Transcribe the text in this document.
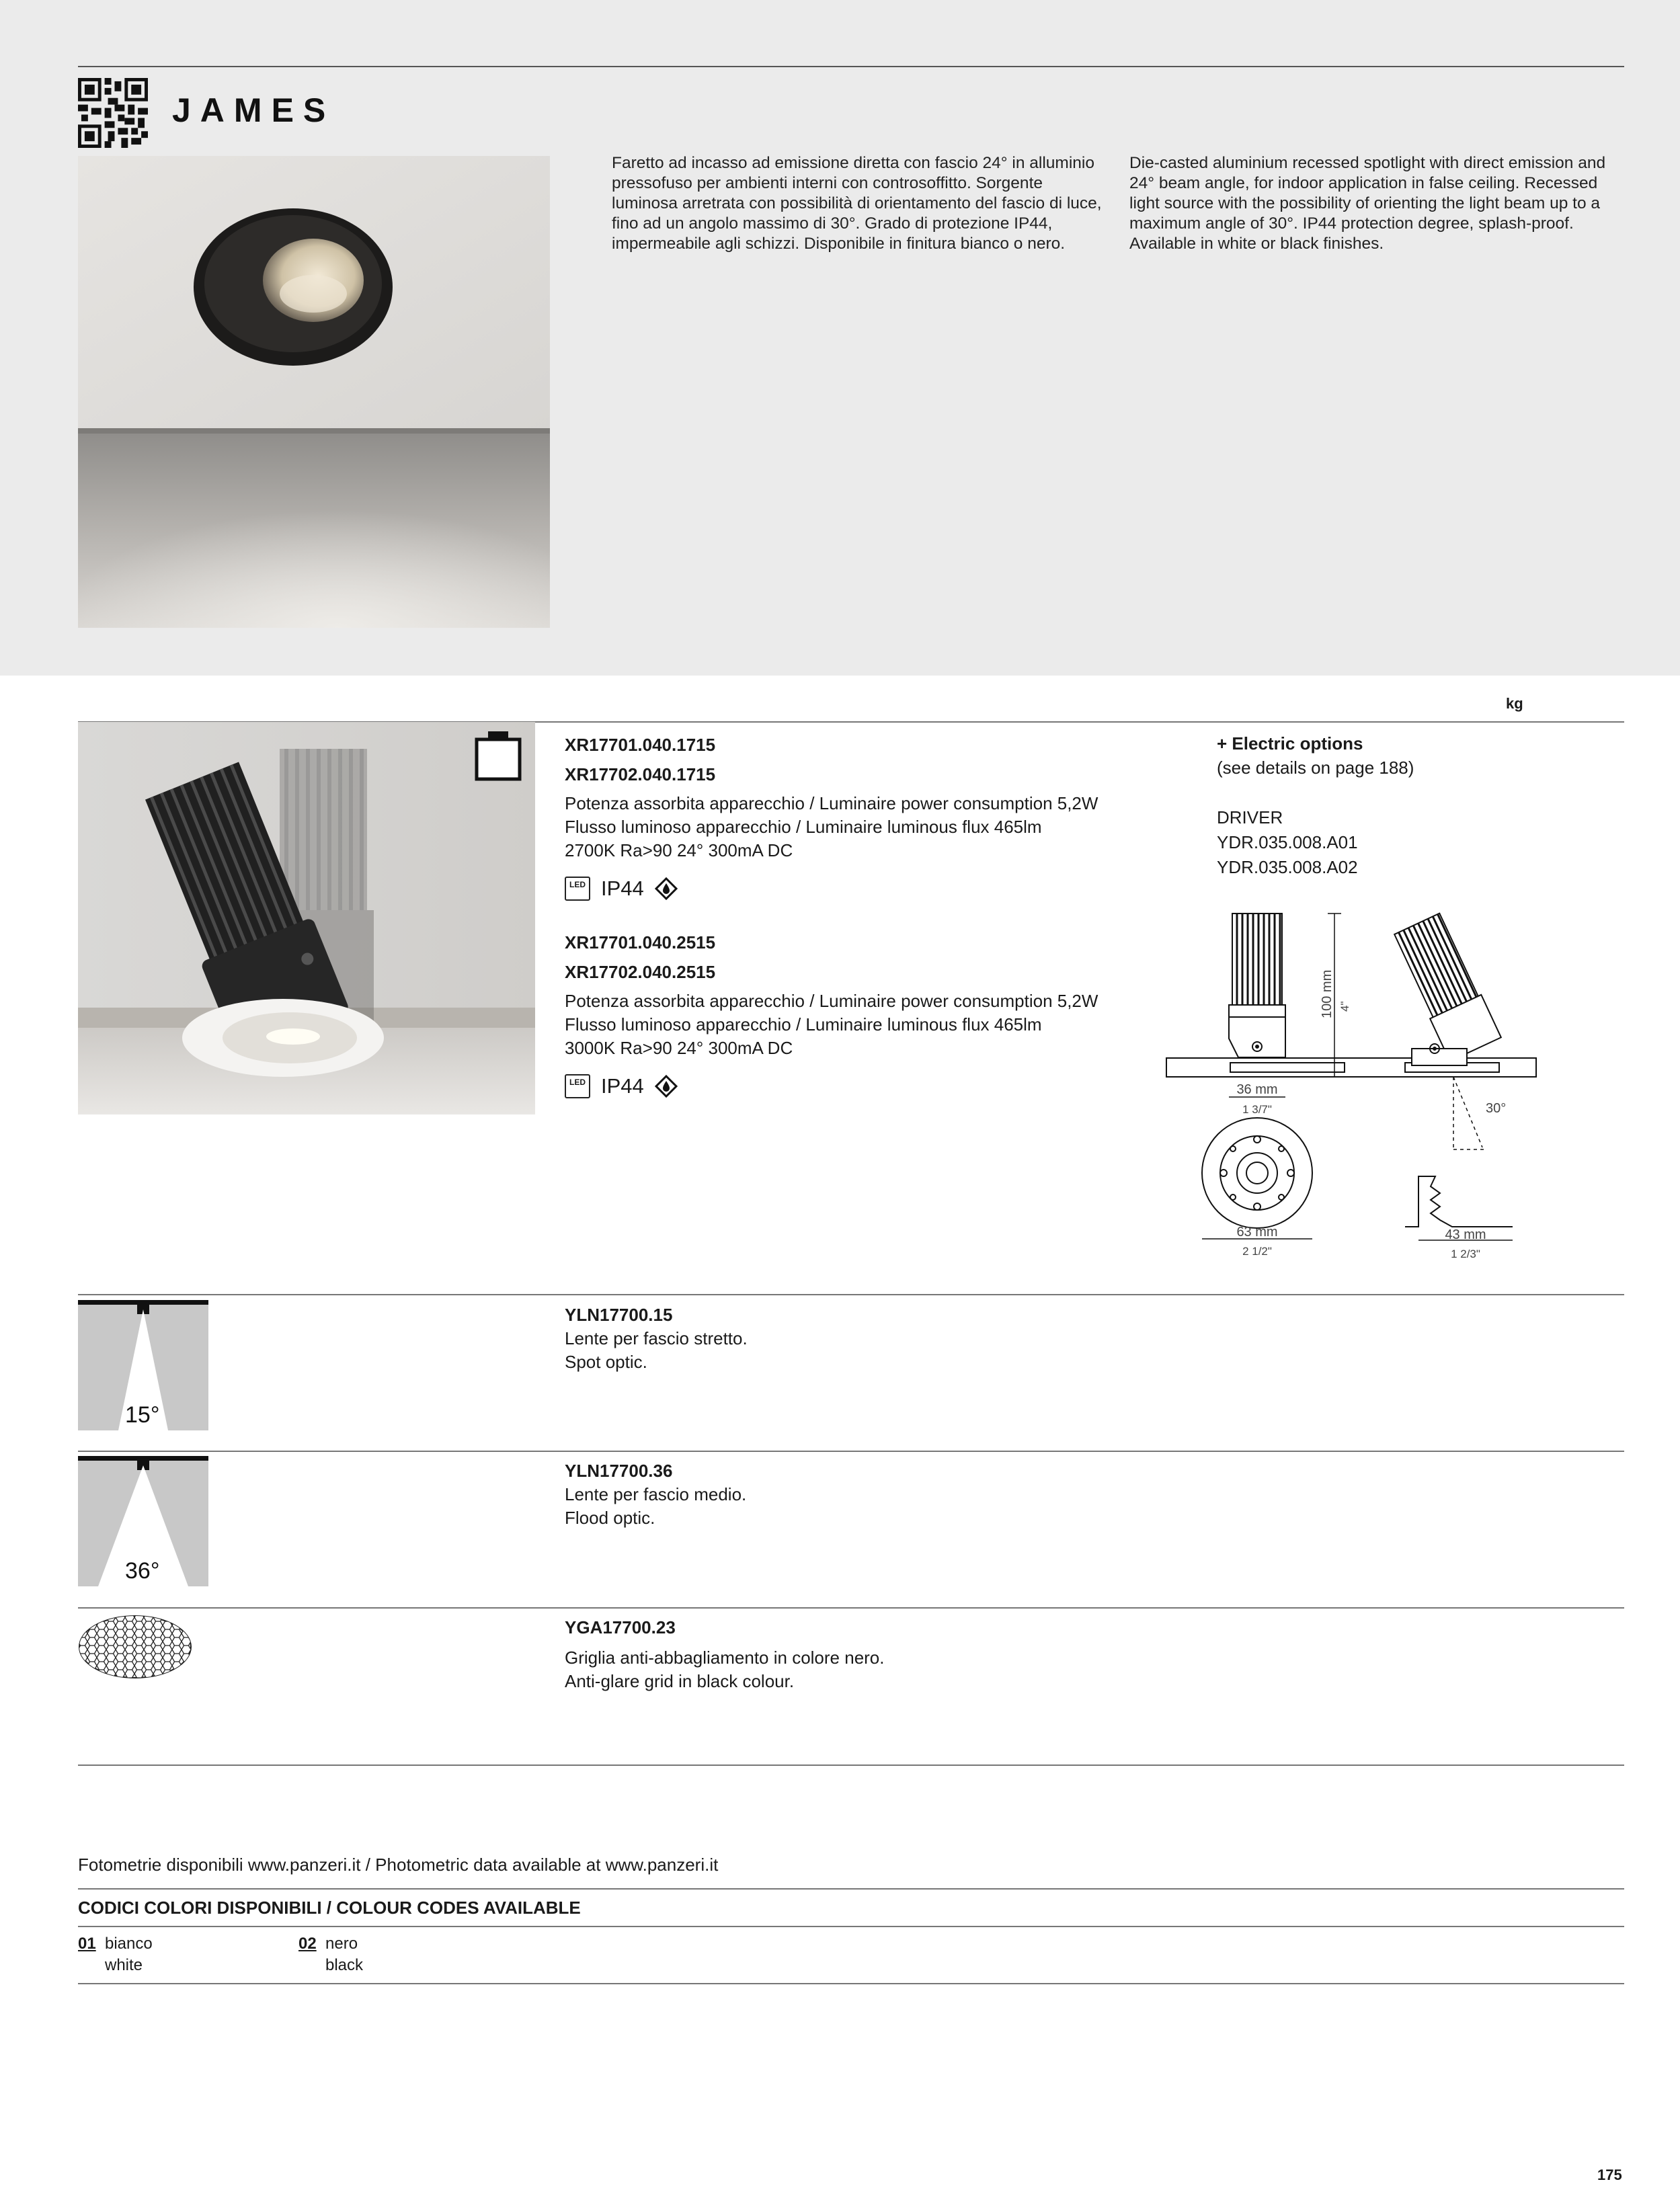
JAMES
Faretto ad incasso ad emissione diretta con fascio 24° in alluminio pressofuso per ambienti interni con controsoffitto. Sorgente luminosa arretrata con possibilità di orientamento del fascio di luce, fino ad un angolo massimo di 30°. Grado di protezione IP44, impermeabile agli schizzi. Disponibile in finitura bianco o nero.
Die-casted aluminium recessed spotlight with direct emission and 24° beam angle, for indoor application in false ceiling. Recessed light source with the possibility of orienting the light beam up to a maximum angle of 30°. IP44 protection degree, splash-proof. Available in white or black finishes.
kg
XR17701.040.1715
XR17702.040.1715
Potenza assorbita apparecchio / Luminaire power consumption 5,2W
Flusso luminoso apparecchio / Luminaire luminous flux 465lm
2700K Ra>90 24° 300mA DC
LED IP44
XR17701.040.2515
XR17702.040.2515
Potenza assorbita apparecchio / Luminaire power consumption 5,2W
Flusso luminoso apparecchio / Luminaire luminous flux 465lm
3000K Ra>90 24° 300mA DC
LED IP44
+ Electric options
(see details on page 188)
DRIVER
YDR.035.008.A01
YDR.035.008.A02
36 mm
1 3/7"	30°
63 mm
2 1/2"
43 mm
1 2/3"
100 mm 4"
15°
YLN17700.15
Lente per fascio stretto.
Spot optic.
36°
YLN17700.36
Lente per fascio medio.
Flood optic.
YGA17700.23
Griglia anti-abbagliamento in colore nero.
Anti-glare grid in black colour.
Fotometrie disponibili www.panzeri.it / Photometric data available at www.panzeri.it
CODICI COLORI DISPONIBILI / COLOUR CODES AVAILABLE
01 bianco
white
02 nero
black
175
